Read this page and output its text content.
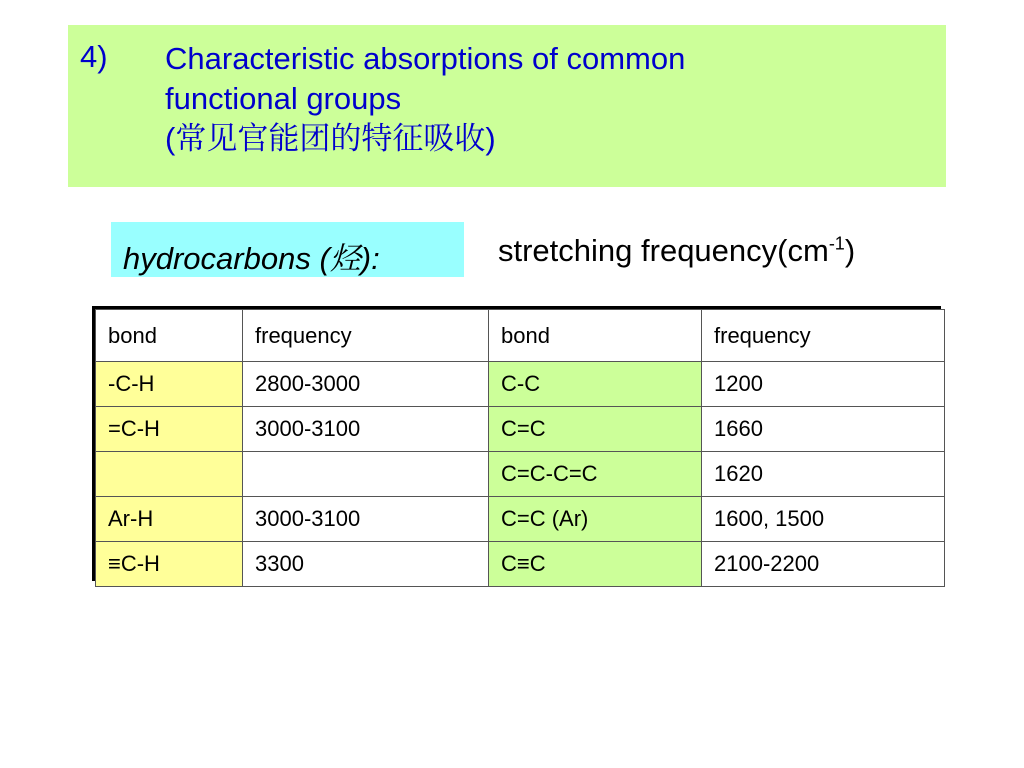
4) Characteristic absorptions of common
functional groups
(常见官能团的特征吸收)
hydrocarbons (烃):	stretching $frequency(cm^{-1})$
bond	frequency	bond	frequency
-C-H	2800-3000	C-C	1200
=C-H	3000-3100	C=C	1660
		C=C-C=C	1620
Ar-H	3000-3100	C=C (Ar)	1600, 1500
≡C-H	3300	C≡C	2100-2200
